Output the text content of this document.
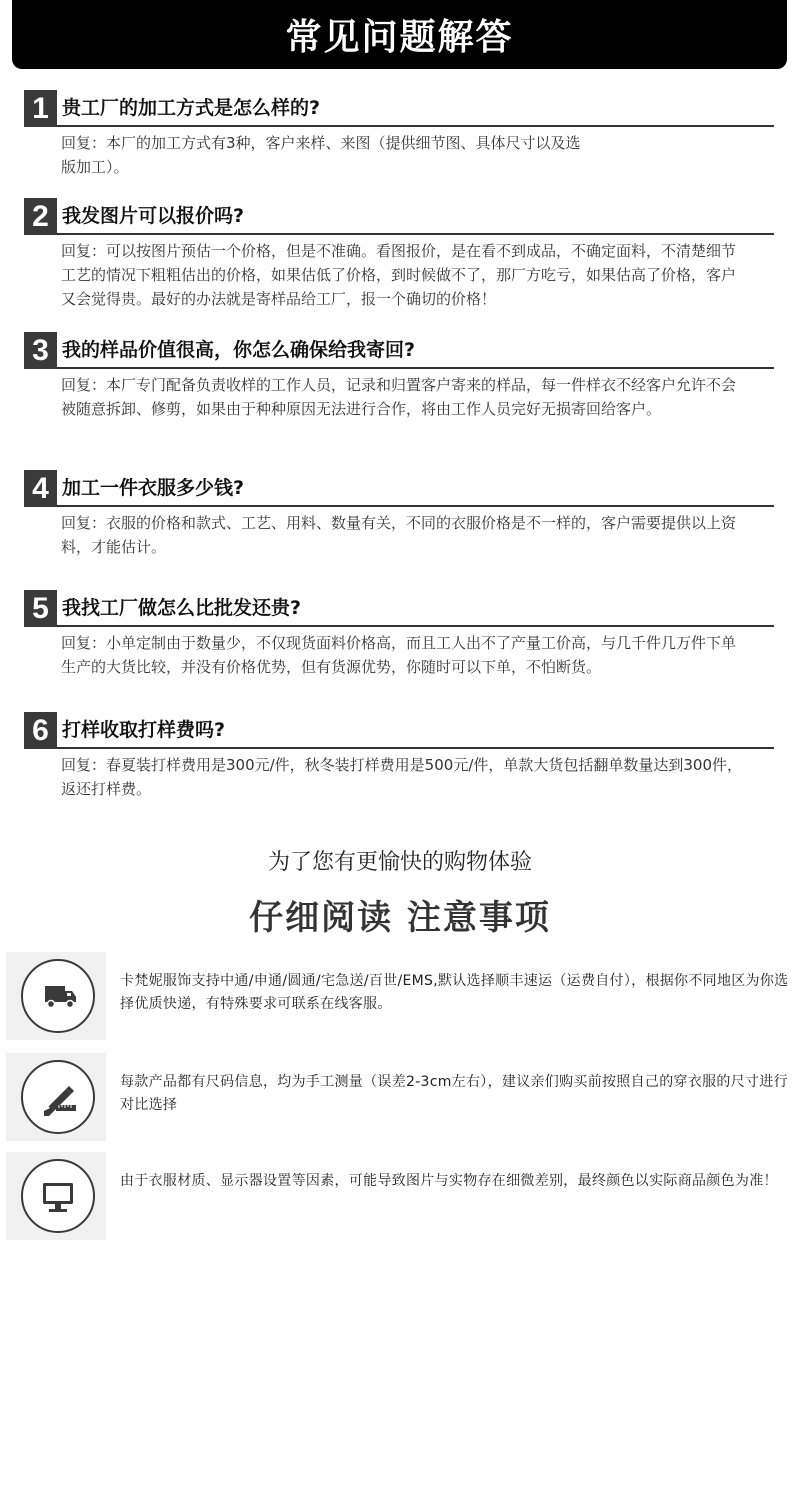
常见问题解答
1 贵工厂的加工方式是怎么样的?
回复：本厂的加工方式有3种，客户来样、来图（提供细节图、具体尺寸以及选版加工）。
2 我发图片可以报价吗?
回复：可以按图片预估一个价格，但是不准确。看图报价，是在看不到成品，不确定面料，不清楚细节工艺的情况下粗粗估出的价格，如果估低了价格，到时候做不了，那厂方吃亏，如果估高了价格，客户又会觉得贵。最好的办法就是寄样品给工厂，报一个确切的价格！
3 我的样品价值很高，你怎么确保给我寄回?
回复：本厂专门配备负责收样的工作人员，记录和归置客户寄来的样品，每一件样衣不经客户允许不会被随意拆卸、修剪，如果由于种种原因无法进行合作，将由工作人员完好无损寄回给客户。
4 加工一件衣服多少钱?
回复：衣服的价格和款式、工艺、用料、数量有关，不同的衣服价格是不一样的，客户需要提供以上资料，才能估计。
5 我找工厂做怎么比批发还贵?
回复：小单定制由于数量少，不仅现货面料价格高，而且工人出不了产量工价高，与几千件几万件下单生产的大货比较，并没有价格优势，但有货源优势，你随时可以下单，不怕断货。
6 打样收取打样费吗?
回复：春夏装打样费用是300元/件，秋冬装打样费用是500元/件，单款大货包括翻单数量达到300件，返还打样费。
为了您有更愉快的购物体验
仔细阅读 注意事项
卡梵妮服饰支持中通/申通/圆通/宅急送/百世/EMS,默认选择顺丰速运（运费自付），根据你不同地区为你选择优质快递，有特殊要求可联系在线客服。
每款产品都有尺码信息，均为手工测量（误差2-3cm左右），建议亲们购买前按照自己的穿衣服的尺寸进行对比选择
由于衣服材质、显示器设置等因素，可能导致图片与实物存在细微差别，最终颜色以实际商品颜色为准！
